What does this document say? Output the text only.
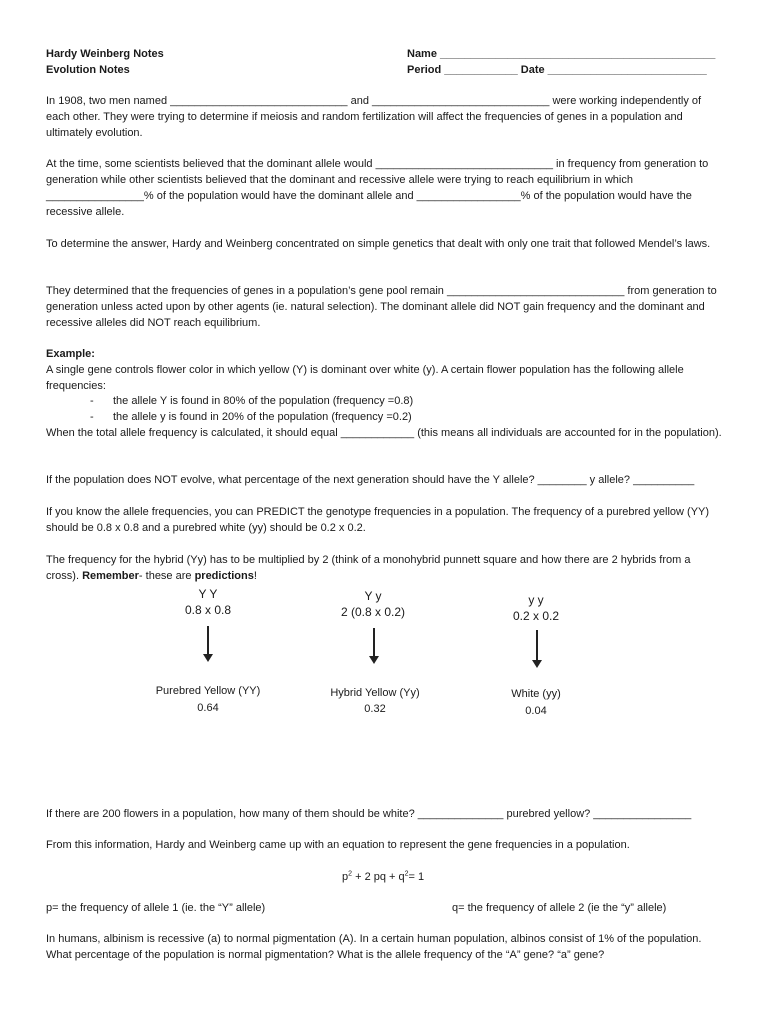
Hardy Weinberg Notes
Evolution Notes
Name _____________________________________________
Period ____________ Date __________________________
In 1908, two men named _____________________________ and _____________________________ were working independently of each other. They were trying to determine if meiosis and random fertilization will affect the frequencies of genes in a population and ultimately evolution.
At the time, some scientists believed that the dominant allele would _____________________________ in frequency from generation to generation while other scientists believed that the dominant and recessive allele were trying to reach equilibrium in which ________________% of the population would have the dominant allele and _________________% of the population would have the recessive allele.
To determine the answer, Hardy and Weinberg concentrated on simple genetics that dealt with only one trait that followed Mendel’s laws.
They determined that the frequencies of genes in a population’s gene pool remain _____________________________ from generation to generation unless acted upon by other agents (ie. natural selection). The dominant allele did NOT gain frequency and the dominant and recessive alleles did NOT reach equilibrium.
Example:
A single gene controls flower color in which yellow (Y) is dominant over white (y). A certain flower population has the following allele frequencies:
- the allele Y is found in 80% of the population (frequency =0.8)
- the allele y is found in 20% of the population (frequency =0.2)
When the total allele frequency is calculated, it should equal ____________ (this means all individuals are accounted for in the population).
If the population does NOT evolve, what percentage of the next generation should have the Y allele? ________ y allele? __________
If you know the allele frequencies, you can PREDICT the genotype frequencies in a population. The frequency of a purebred yellow (YY) should be 0.8 x 0.8 and a purebred white (yy) should be 0.2 x 0.2.
The frequency for the hybrid (Yy) has to be multiplied by 2 (think of a monohybrid punnett square and how there are 2 hybrids from a cross). Remember- these are predictions!
Y Y
0.8 x 0.8
Purebred Yellow (YY)
0.64
Y y
2 (0.8 x 0.2)
Hybrid Yellow (Yy)
0.32
y y
0.2 x 0.2
White (yy)
0.04
If there are 200 flowers in a population, how many of them should be white? ______________ purebred yellow? ________________
From this information, Hardy and Weinberg came up with an equation to represent the gene frequencies in a population.
$p^2 + 2$ pq + $q^2= 1$
p= the frequency of allele 1 (ie. the “Y” allele)	q= the frequency of allele 2 (ie the “y” allele)
In humans, albinism is recessive (a) to normal pigmentation (A). In a certain human population, albinos consist of 1% of the population. What percentage of the population is normal pigmentation? What is the allele frequency of the “A” gene? “a” gene?
